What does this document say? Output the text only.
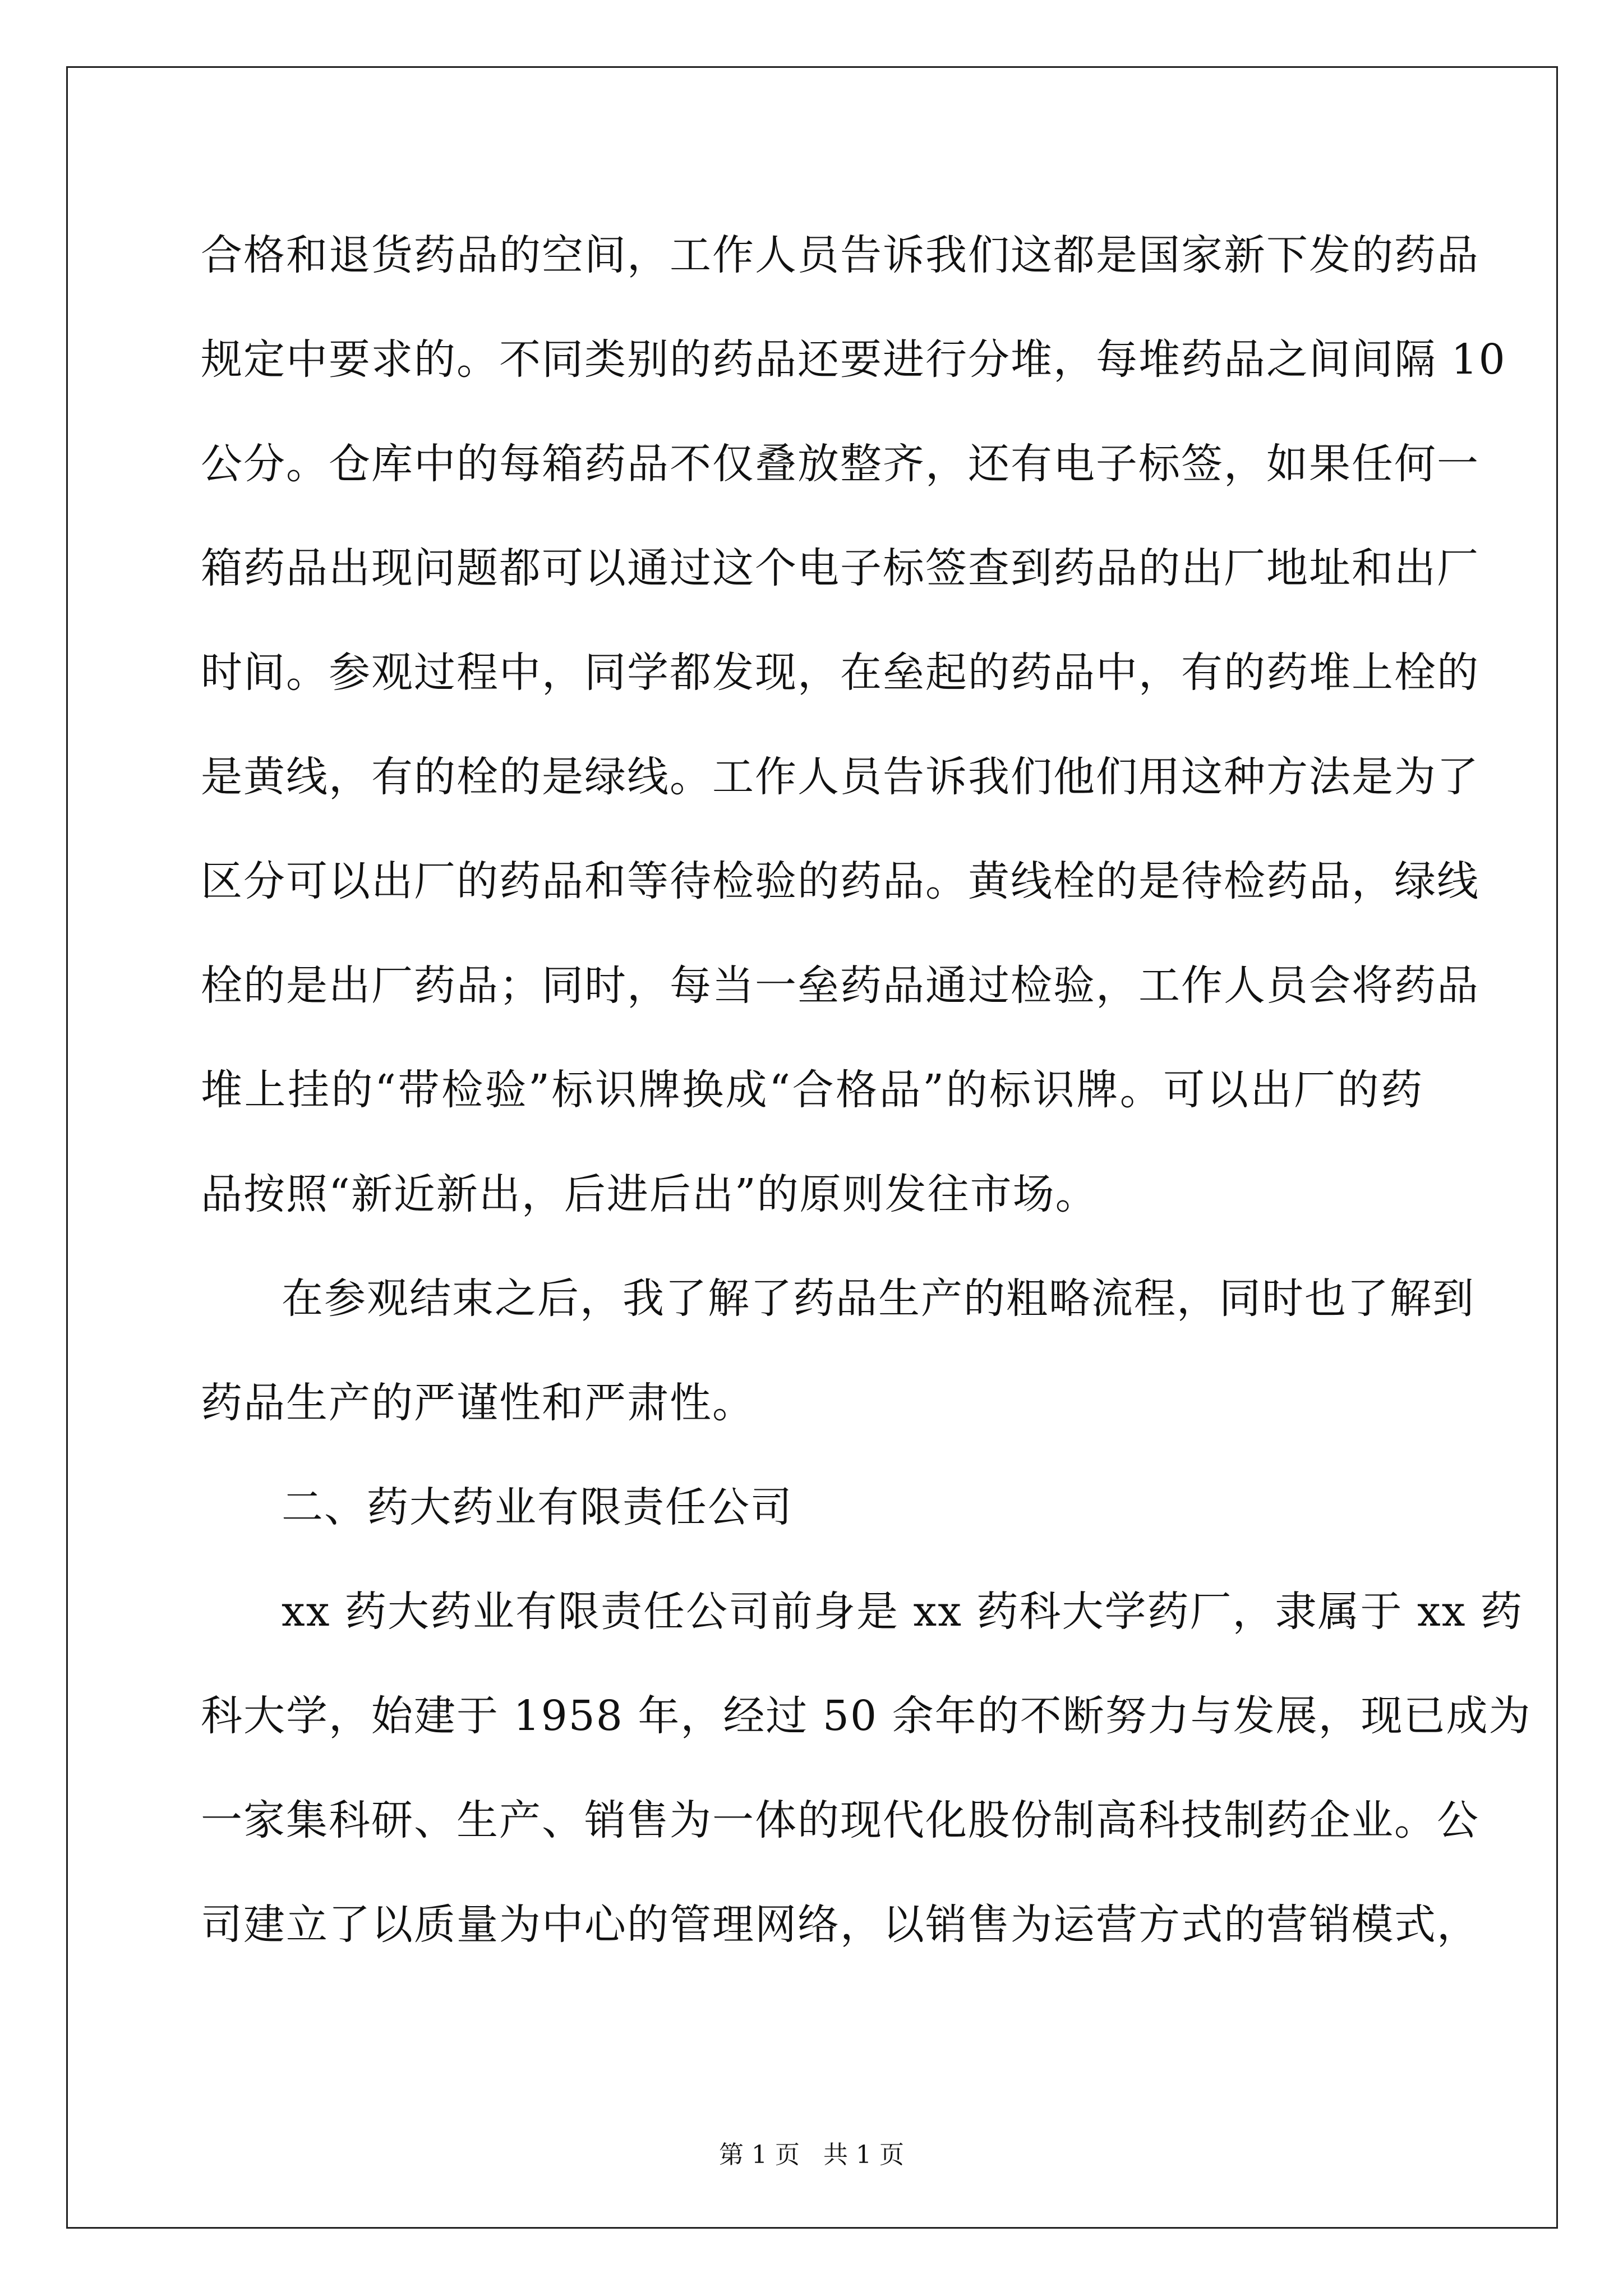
合格和退货药品的空间，工作人员告诉我们这都是国家新下发的药品
规定中要求的。不同类别的药品还要进行分堆，每堆药品之间间隔 10
公分。仓库中的每箱药品不仅叠放整齐，还有电子标签，如果任何一
箱药品出现问题都可以通过这个电子标签查到药品的出厂地址和出厂
时间。参观过程中，同学都发现，在垒起的药品中，有的药堆上栓的
是黄线，有的栓的是绿线。工作人员告诉我们他们用这种方法是为了
区分可以出厂的药品和等待检验的药品。黄线栓的是待检药品，绿线
栓的是出厂药品；同时，每当一垒药品通过检验，工作人员会将药品
堆上挂的“带检验”标识牌换成“合格品”的标识牌。可以出厂的药
品按照“新近新出，后进后出”的原则发往市场。
在参观结束之后，我了解了药品生产的粗略流程，同时也了解到
药品生产的严谨性和严肃性。
二、药大药业有限责任公司
xx 药大药业有限责任公司前身是 xx 药科大学药厂，隶属于 xx 药
科大学，始建于 1958 年，经过 50 余年的不断努力与发展，现已成为
一家集科研、生产、销售为一体的现代化股份制高科技制药企业。公
司建立了以质量为中心的管理网络，以销售为运营方式的营销模式，
第 1 页   共 1 页
